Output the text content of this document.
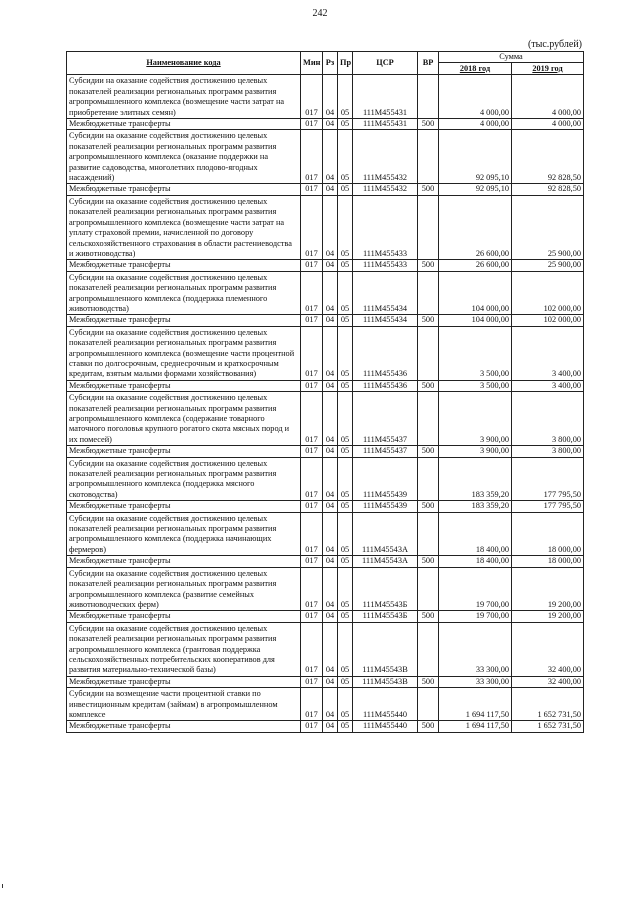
242
(тыс.рублей)
Наименование кода	Мин	Рз	Пр	ЦСР	ВР	Сумма	
						2018 год	2019 год
Субсидии на оказание содействия достижению целевых показателей реализации региональных программ развития агропромышленного комплекса (возмещение части затрат на приобретение элитных семян)	017	04	05	111M455431		4 000,00	4 000,00
Межбюджетные трансферты	017	04	05	111M455431	500	4 000,00	4 000,00
Субсидии на оказание содействия достижению целевых показателей реализации региональных программ развития агропромышленного комплекса (оказание поддержки на развитие садоводства, многолетних плодово-ягодных насаждений)	017	04	05	111M455432		92 095,10	92 828,50
Межбюджетные трансферты	017	04	05	111M455432	500	92 095,10	92 828,50
Субсидии на оказание содействия достижению целевых показателей реализации региональных программ развития агропромышленного комплекса (возмещение части затрат на уплату страховой премии, начисленной по договору сельскохозяйственного страхования в области растениеводства и животноводства)	017	04	05	111M455433		26 600,00	25 900,00
Межбюджетные трансферты	017	04	05	111M455433	500	26 600,00	25 900,00
Субсидии на оказание содействия достижению целевых показателей реализации региональных программ развития агропромышленного комплекса (поддержка племенного животноводства)	017	04	05	111M455434		104 000,00	102 000,00
Межбюджетные трансферты	017	04	05	111M455434	500	104 000,00	102 000,00
Субсидии на оказание содействия достижению целевых показателей реализации региональных программ развития агропромышленного комплекса (возмещение части процентной ставки по долгосрочным, среднесрочным и краткосрочным кредитам, взятым малыми формами хозяйствования)	017	04	05	111M455436		3 500,00	3 400,00
Межбюджетные трансферты	017	04	05	111M455436	500	3 500,00	3 400,00
Субсидии на оказание содействия достижению целевых показателей реализации региональных программ развития агропромышленного комплекса (содержание товарного маточного поголовья крупного рогатого скота мясных пород и их помесей)	017	04	05	111M455437		3 900,00	3 800,00
Межбюджетные трансферты	017	04	05	111M455437	500	3 900,00	3 800,00
Субсидии на оказание содействия достижению целевых показателей реализации региональных программ развития агропромышленного комплекса (поддержка мясного скотоводства)	017	04	05	111M455439		183 359,20	177 795,50
Межбюджетные трансферты	017	04	05	111M455439	500	183 359,20	177 795,50
Субсидии на оказание содействия достижению целевых показателей реализации региональных программ развития агропромышленного комплекса (поддержка начинающих фермеров)	017	04	05	111M45543А		18 400,00	18 000,00
Межбюджетные трансферты	017	04	05	111M45543А	500	18 400,00	18 000,00
Субсидии на оказание содействия достижению целевых показателей реализации региональных программ развития агропромышленного комплекса (развитие семейных животноводческих ферм)	017	04	05	111M45543Б		19 700,00	19 200,00
Межбюджетные трансферты	017	04	05	111M45543Б	500	19 700,00	19 200,00
Субсидии на оказание содействия достижению целевых показателей реализации региональных программ развития агропромышленного комплекса (грантовая поддержка сельскохозяйственных потребительских кооперативов для развития материально-технической базы)	017	04	05	111M45543В		33 300,00	32 400,00
Межбюджетные трансферты	017	04	05	111M45543В	500	33 300,00	32 400,00
Субсидии на возмещение части процентной ставки по инвестиционным кредитам (займам) в агропромышленном комплексе	017	04	05	111M455440		1 694 117,50	1 652 731,50
Межбюджетные трансферты	017	04	05	111M455440	500	1 694 117,50	1 652 731,50
